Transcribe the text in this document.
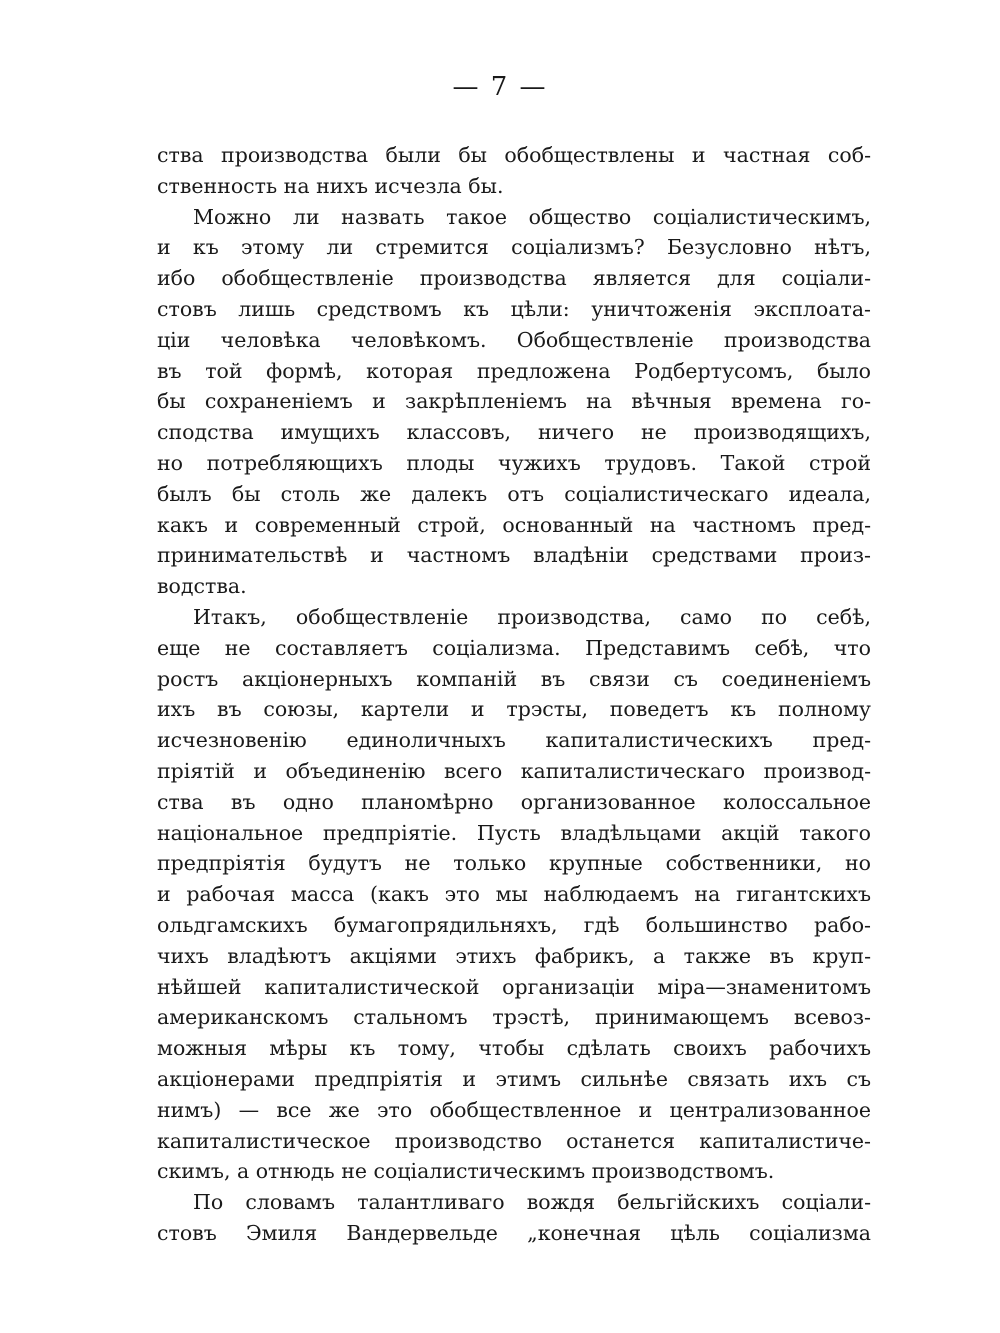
— 7 —
ства производства были бы обобществлены и частная соб-
ственность на нихъ исчезла бы.
Можно ли назвать такое общество соціалистическимъ,
и къ этому ли стремится соціализмъ? Безусловно нѣтъ,
ибо обобществленіе производства является для соціали-
стовъ лишь средствомъ къ цѣли: уничтоженія эксплоата-
ціи человѣка человѣкомъ. Обобществленіе производства
въ той формѣ, которая предложена Родбертусомъ, было
бы сохраненіемъ и закрѣпленіемъ на вѣчныя времена го-
сподства имущихъ классовъ, ничего не производящихъ,
но потребляющихъ плоды чужихъ трудовъ. Такой строй
былъ бы столь же далекъ отъ соціалистическаго идеала,
какъ и современный строй, основанный на частномъ пред-
принимательствѣ и частномъ владѣніи средствами произ-
водства.
Итакъ, обобществленіе производства, само по себѣ,
еще не составляетъ соціализма. Представимъ себѣ, что
ростъ акціонерныхъ компаній въ связи съ соединеніемъ
ихъ въ союзы, картели и трэсты, поведетъ къ полному
исчезновенію единоличныхъ капиталистическихъ пред-
пріятій и объединенію всего капиталистическаго производ-
ства въ одно планомѣрно организованное колоссальное
національное предпріятіе. Пусть владѣльцами акцій такого
предпріятія будутъ не только крупные собственники, но
и рабочая масса (какъ это мы наблюдаемъ на гигантскихъ
ольдгамскихъ бумагопрядильняхъ, гдѣ большинство рабо-
чихъ владѣютъ акціями этихъ фабрикъ, а также въ круп-
нѣйшей капиталистической организаціи міра—знаменитомъ
американскомъ стальномъ трэстѣ, принимающемъ всевоз-
можныя мѣры къ тому, чтобы сдѣлать своихъ рабочихъ
акціонерами предпріятія и этимъ сильнѣе связать ихъ съ
нимъ) — все же это обобществленное и централизованное
капиталистическое производство останется капиталистиче-
скимъ, а отнюдь не соціалистическимъ производствомъ.
По словамъ талантливаго вождя бельгійскихъ соціали-
стовъ Эмиля Вандервельде „конечная цѣль соціализма
